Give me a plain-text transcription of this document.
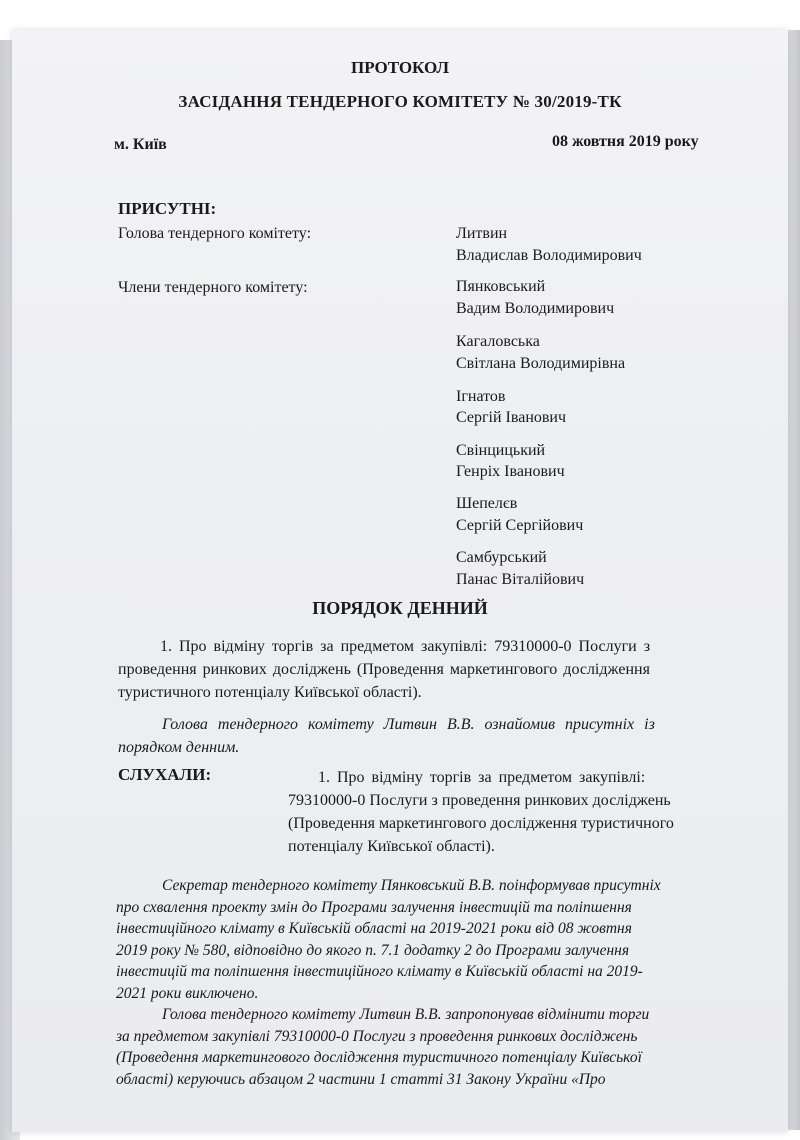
ПРОТОКОЛ
ЗАСІДАННЯ ТЕНДЕРНОГО КОМІТЕТУ № 30/2019-ТК
м. Київ	08 жовтня 2019 року
ПРИСУТНІ:
Голова тендерного комітету:	Литвин
Владислав Володимирович
Члени тендерного комітету:	Пянковський
Вадим Володимирович
Кагаловська
Світлана Володимирівна
Ігнатов
Сергій Іванович
Свінцицький
Генріх Іванович
Шепелєв
Сергій Сергійович
Самбурський
Панас Віталійович
ПОРЯДОК ДЕННИЙ
1. Про відміну торгів за предметом закупівлі: 79310000-0 Послуги з
проведення ринкових досліджень (Проведення маркетингового дослідження
туристичного потенціалу Київської області).
Голова тендерного комітету Литвин В.В. ознайомив присутніх із
порядком денним.
СЛУХАЛИ:	1. Про відміну торгів за предметом закупівлі:
79310000-0 Послуги з проведення ринкових досліджень
(Проведення маркетингового дослідження туристичного
потенціалу Київської області).
Секретар тендерного комітету Пянковський В.В. поінформував присутніх
про схвалення проекту змін до Програми залучення інвестицій та поліпшення
інвестиційного клімату в Київській області на 2019-2021 роки від 08 жовтня
2019 року № 580, відповідно до якого п. 7.1 додатку 2 до Програми залучення
інвестицій та поліпшення інвестиційного клімату в Київській області на 2019-
2021 роки виключено.
Голова тендерного комітету Литвин В.В. запропонував відмінити торги
за предметом закупівлі 79310000-0 Послуги з проведення ринкових досліджень
(Проведення маркетингового дослідження туристичного потенціалу Київської
області) керуючись абзацом 2 частини 1 статті 31 Закону України «Про
